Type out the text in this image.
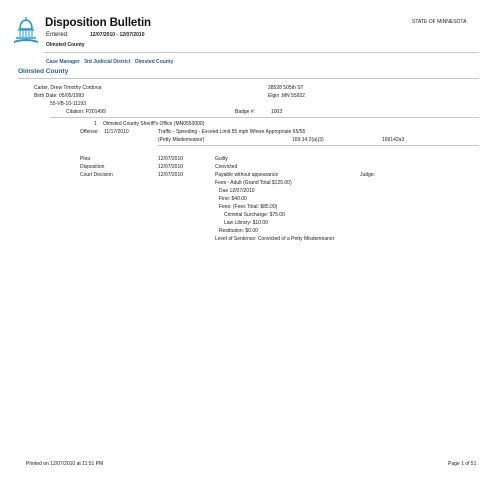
Disposition Bulletin
Entered:	12/07/2010 - 12/07/2010
Olmsted County
STATE OF MINNESOTA
Case Manager 3rd Judicial District Olmsted County
Olmsted County
Carter, Drew Timothy Cordova
Birth Date: 05/05/1993
55-VB-10-11193
Citation: P201499
28528 505th ST
Elgin ,MN 55932
Badge #:	1003
1 Olmsted County Sheriff's Office (MN0550000)
Offense: 11/17/2010	Traffic - Speeding - Exceed Limit 55 mph Where Appropriate 65/55
(Petty Misdemeanor)	169.14.2(a)(3)	169142a3
Plea	12/07/2010	Guilty
Disposition	12/07/2010	Convicted
Court Decision	12/07/2010	Payable without appearance	Judge:
Fees - Adult (Grand Total $125.00)
Due 12/07/2010
Fine: $40.00
Fees: (Fees Total: $85.00)
Criminal Surcharge: $75.00
Law Library: $10.00
Restitution: $0.00
Level of Sentence: Convicted of a Petty Misdemeanor
Printed on 12/07/2010 at 11:51 PM	Page 1 of 51
